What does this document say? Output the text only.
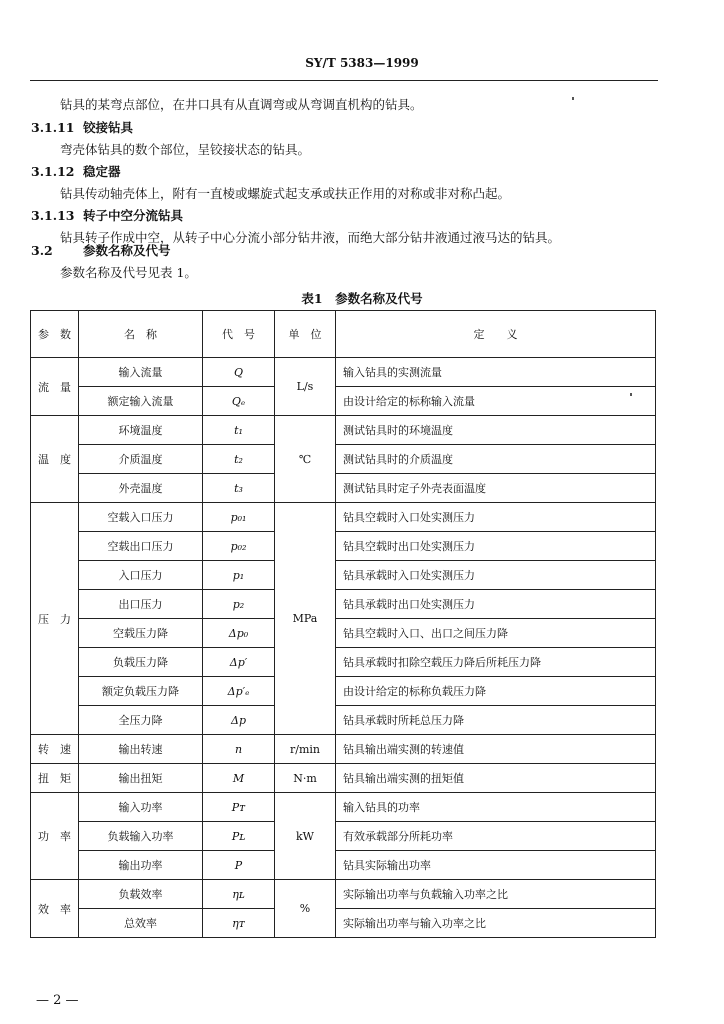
SY/T 5383—1999
钻具的某弯点部位，在井口具有从直调弯或从弯调直机构的钻具。
3.1.11 铰接钻具
弯壳体钻具的数个部位，呈铰接状态的钻具。
3.1.12 稳定器
钻具传动轴壳体上，附有一直棱或螺旋式起支承或扶正作用的对称或非对称凸起。
3.1.13 转子中空分流钻具
钻具转子作成中空，从转子中心分流小部分钻井液，而绝大部分钻井液通过液马达的钻具。
3.2 参数名称及代号
参数名称及代号见表 1。
表1　参数名称及代号
参　数	名　称	代　号	单　位	定　　义
流　量	输入流量	Q	L/s	输入钻具的实测流量
	额定输入流量	Qₑ		由设计给定的标称输入流量
温　度	环境温度	t₁	℃	测试钻具时的环境温度
	介质温度	t₂		测试钻具时的介质温度
	外壳温度	t₃		测试钻具时定子外壳表面温度
压　力	空载入口压力	p₀₁	MPa	钻具空载时入口处实测压力
	空载出口压力	p₀₂		钻具空载时出口处实测压力
	入口压力	p₁		钻具承载时入口处实测压力
	出口压力	p₂		钻具承载时出口处实测压力
	空载压力降	Δp₀		钻具空载时入口、出口之间压力降
	负载压力降	Δp′		钻具承载时扣除空载压力降后所耗压力降
	额定负载压力降	Δp′ₑ		由设计给定的标称负载压力降
	全压力降	Δp		钻具承载时所耗总压力降
转　速	输出转速	n	r/min	钻具输出端实测的转速值
扭　矩	输出扭矩	M	N·m	钻具输出端实测的扭矩值
功　率	输入功率	Pᴛ	kW	输入钻具的功率
	负载输入功率	Pʟ		有效承载部分所耗功率
	输出功率	P		钻具实际输出功率
效　率	负载效率	ηʟ	%	实际输出功率与负载输入功率之比
	总效率	ηᴛ		实际输出功率与输入功率之比
— 2 —
